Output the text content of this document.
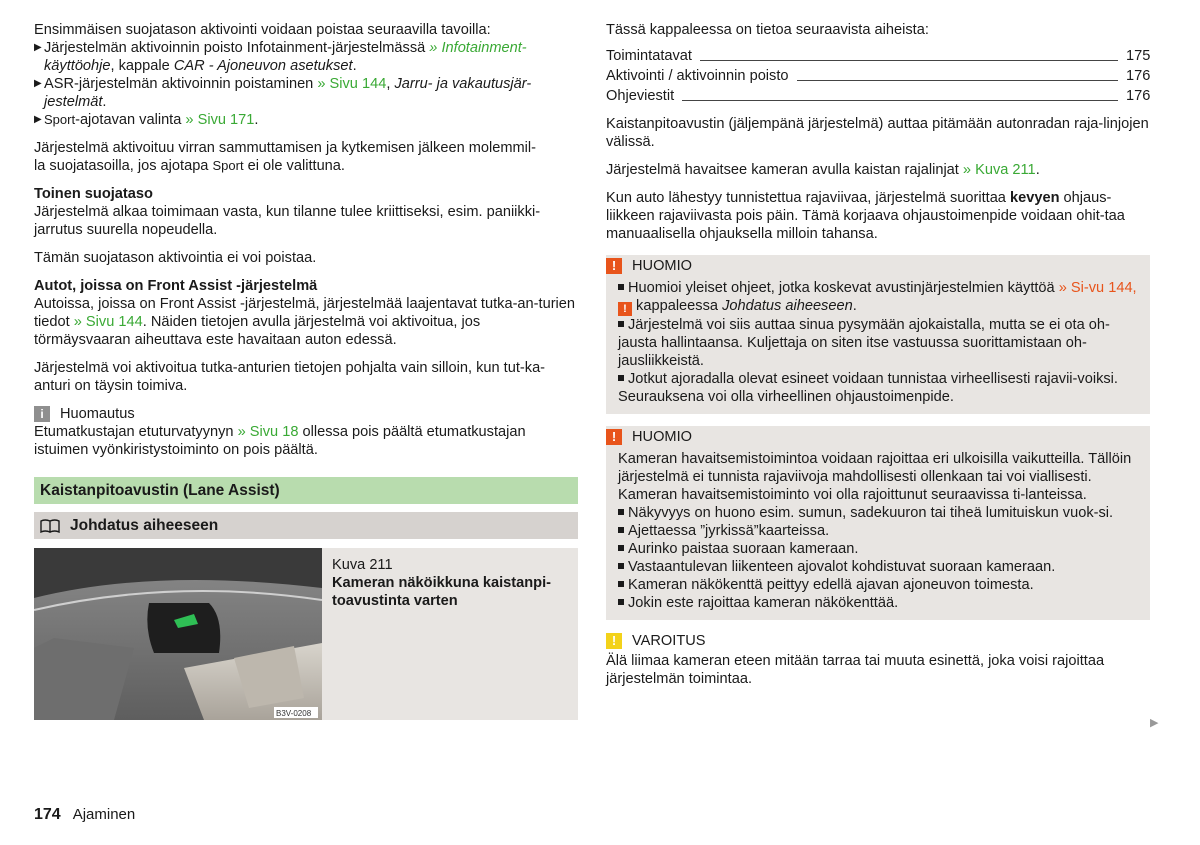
Ensimmäisen suojatason aktivointi voidaan poistaa seuraavilla tavoilla:

▶ Järjestelmän aktivoinnin poisto Infotainment-järjestelmässä » Infotainment-
käyttöohje, kappale CAR - Ajoneuvon asetukset.
▶ ASR-järjestelmän aktivoinnin poistaminen » Sivu 144, Jarru- ja vakautusjär-
jestelmät.
▶ Sport-ajotavan valinta » Sivu 171.

Järjestelmä aktivoituu virran sammuttamisen ja kytkemisen jälkeen molemmil-
la suojatasoilla, jos ajotapa Sport ei ole valittuna.

Toinen suojataso

Järjestelmä alkaa toimimaan vasta, kun tilanne tulee kriittiseksi, esim. paniikki-jarrutus suurella nopeudella.

Tämän suojatason aktivointia ei voi poistaa.

Autot, joissa on Front Assist -järjestelmä

Autoissa, joissa on Front Assist -järjestelmä, järjestelmää laajentavat tutka-an-turien tiedot » Sivu 144. Näiden tietojen avulla järjestelmä voi aktivoitua, jos törmäysvaaran aiheuttava este havaitaan auton edessä.

Järjestelmä voi aktivoitua tutka-anturien tietojen pohjalta vain silloin, kun tut-ka-anturi on täysin toimiva.

i	Huomautus

Etumatkustajan etuturvatyynyn » Sivu 18 ollessa pois päältä etumatkustajan istuimen vyönkiristystoiminto on pois päältä.

Kaistanpitoavustin (Lane Assist)
Johdatus aiheeseen
B3V-0208

Kuva 211

Kameran näköikkuna kaistanpi-toavustinta varten

Tässä kappaleessa on tietoa seuraavista aiheista:

Toimintatavat	175
Aktivointi / aktivoinnin poisto	176
Ohjeviestit	176

Kaistanpitoavustin (jäljempänä järjestelmä) auttaa pitämään autonradan raja-linjojen välissä.

Järjestelmä havaitsee kameran avulla kaistan rajalinjat » Kuva 211.

Kun auto lähestyy tunnistettua rajaviivaa, järjestelmä suorittaa kevyen ohjaus-liikkeen rajaviivasta pois päin. Tämä korjaava ohjaustoimenpide voidaan ohit-taa manuaalisella ohjauksella milloin tahansa.

!	HUOMIO

Huomioi yleiset ohjeet, jotka koskevat avustinjärjestelmien käyttöä » Si-vu 144, ! kappaleessa Johdatus aiheeseen.

Järjestelmä voi siis auttaa sinua pysymään ajokaistalla, mutta se ei ota oh-jausta hallintaansa. Kuljettaja on siten itse vastuussa suorittamistaan oh-jausliikkeistä.

Jotkut ajoradalla olevat esineet voidaan tunnistaa virheellisesti rajavii-voiksi. Seurauksena voi olla virheellinen ohjaustoimenpide.

!	HUOMIO

Kameran havaitsemistoimintoa voidaan rajoittaa eri ulkoisilla vaikutteilla. Tällöin järjestelmä ei tunnista rajaviivoja mahdollisesti ollenkaan tai voi viallisesti. Kameran havaitsemistoiminto voi olla rajoittunut seuraavissa ti-lanteissa.

Näkyvyys on huono esim. sumun, sadekuuron tai tiheä lumituiskun vuok-si.

Ajettaessa ”jyrkissä”kaarteissa.

Aurinko paistaa suoraan kameraan.

Vastaantulevan liikenteen ajovalot kohdistuvat suoraan kameraan.

Kameran näkökenttä peittyy edellä ajavan ajoneuvon toimesta.

Jokin este rajoittaa kameran näkökenttää.

!	VAROITUS

Älä liimaa kameran eteen mitään tarraa tai muuta esinettä, joka voisi rajoittaa järjestelmän toimintaa.

▶
174 Ajaminen
